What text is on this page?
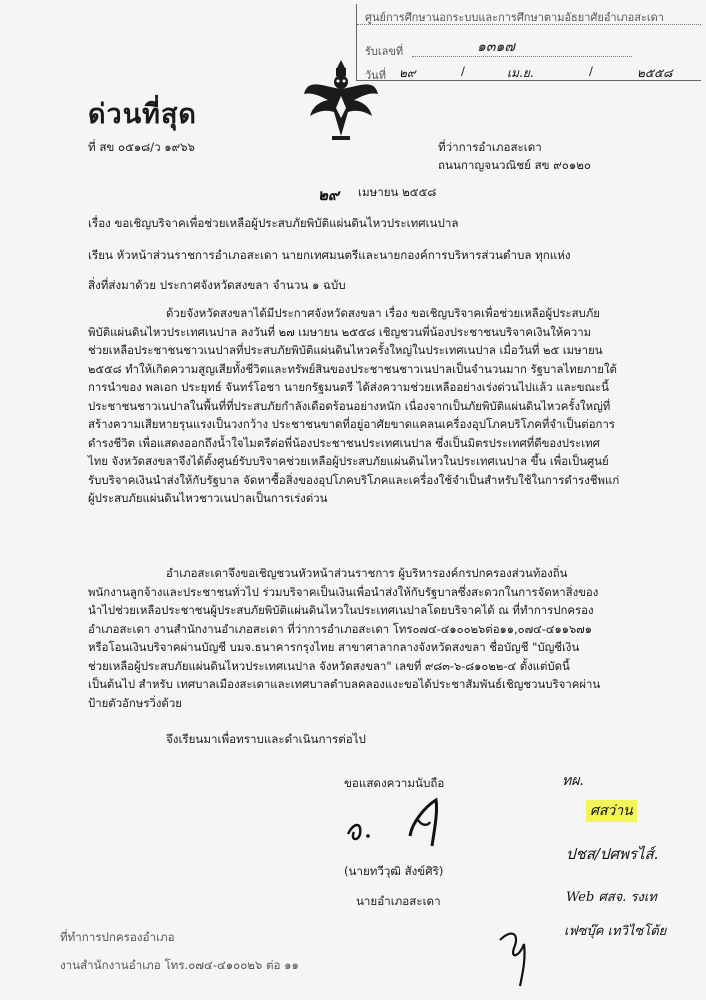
ศูนย์การศึกษานอกระบบและการศึกษาตามอัธยาศัยอำเภอสะเดา
รับเลขที่	๑๓๑๗
วันที่ ๒๙	/	เม.ย.	/	๒๕๕๘
ด่วนที่สุด
ที่ สข ๐๕๑๘/ว ๑๙๖๖	ที่ว่าการอำเภอสะเดา
ถนนกาญจนวณิชย์ สข ๙๐๑๒๐
๒๙ เมษายน ๒๕๕๘
เรื่อง ขอเชิญบริจาคเพื่อช่วยเหลือผู้ประสบภัยพิบัติแผ่นดินไหวประเทศเนปาล
เรียน หัวหน้าส่วนราชการอำเภอสะเดา นายกเทศมนตรีและนายกองค์การบริหารส่วนตำบล ทุกแห่ง
สิ่งที่ส่งมาด้วย ประกาศจังหวัดสงขลา จำนวน ๑ ฉบับ
ด้วยจังหวัดสงขลาได้มีประกาศจังหวัดสงขลา เรื่อง ขอเชิญบริจาคเพื่อช่วยเหลือผู้ประสบภัย
พิบัติแผ่นดินไหวประเทศเนปาล ลงวันที่ ๒๗ เมษายน ๒๕๕๘ เชิญชวนพี่น้องประชาชนบริจาคเงินให้ความ
ช่วยเหลือประชาชนชาวเนปาลที่ประสบภัยพิบัติแผ่นดินไหวครั้งใหญ่ในประเทศเนปาล เมื่อวันที่ ๒๕ เมษายน
๒๕๕๘ ทำให้เกิดความสูญเสียทั้งชีวิตและทรัพย์สินของประชาชนชาวเนปาลเป็นจำนวนมาก รัฐบาลไทยภายใต้
การนำของ พลเอก ประยุทธ์ จันทร์โอชา นายกรัฐมนตรี ได้ส่งความช่วยเหลืออย่างเร่งด่วนไปแล้ว และขณะนี้
ประชาชนชาวเนปาลในพื้นที่ที่ประสบภัยกำลังเดือดร้อนอย่างหนัก เนื่องจากเป็นภัยพิบัติแผ่นดินไหวครั้งใหญ่ที่
สร้างความเสียหายรุนแรงเป็นวงกว้าง ประชาชนขาดที่อยู่อาศัยขาดแคลนเครื่องอุปโภคบริโภคที่จำเป็นต่อการ
ดำรงชีวิต เพื่อแสดงออกถึงน้ำใจไมตรีต่อพี่น้องประชาชนประเทศเนปาล ซึ่งเป็นมิตรประเทศที่ดีของประเทศ
ไทย จังหวัดสงขลาจึงได้ตั้งศูนย์รับบริจาคช่วยเหลือผู้ประสบภัยแผ่นดินไหวในประเทศเนปาล ขึ้น เพื่อเป็นศูนย์
รับบริจาคเงินนำส่งให้กับรัฐบาล จัดหาซื้อสิ่งของอุปโภคบริโภคและเครื่องใช้จำเป็นสำหรับใช้ในการดำรงชีพแก่
ผู้ประสบภัยแผ่นดินไหวชาวเนปาลเป็นการเร่งด่วน
อำเภอสะเดาจึงขอเชิญชวนหัวหน้าส่วนราชการ ผู้บริหารองค์กรปกครองส่วนท้องถิ่น
พนักงานลูกจ้างและประชาชนทั่วไป ร่วมบริจาคเป็นเงินเพื่อนำส่งให้กับรัฐบาลซึ่งสะดวกในการจัดหาสิ่งของ
นำไปช่วยเหลือประชาชนผู้ประสบภัยพิบัติแผ่นดินไหวในประเทศเนปาลโดยบริจาคได้ ณ ที่ทำการปกครอง
อำเภอสะเดา งานสำนักงานอำเภอสะเดา ที่ว่าการอำเภอสะเดา โทร๐๗๔-๔๑๐๐๒๖ต่อ๑๑,๐๗๔-๔๑๑๖๗๑
หรือโอนเงินบริจาคผ่านบัญชี บมจ.ธนาคารกรุงไทย สาขาศาลากลางจังหวัดสงขลา ชื่อบัญชี "บัญชีเงิน
ช่วยเหลือผู้ประสบภัยแผ่นดินไหวประเทศเนปาล จังหวัดสงขลา" เลขที่ ๙๘๓-๖-๘๑๐๒๒-๔ ตั้งแต่บัดนี้
เป็นต้นไป สำหรับ เทศบาลเมืองสะเดาและเทศบาลตำบลคลองแงะขอได้ประชาสัมพันธ์เชิญชวนบริจาคผ่าน
ป้ายตัวอักษรวิ่งด้วย
จึงเรียนมาเพื่อทราบและดำเนินการต่อไป
ขอแสดงความนับถือ
(นายทวีวุฒิ สังข์ศิริ)
นายอำเภอสะเดา
ที่ทำการปกครองอำเภอ
งานสำนักงานอำเภอ โทร.๐๗๔-๔๑๐๐๒๖ ต่อ ๑๑
ทผ.
ศสว่าน
ปชส/ปศพรไส์.
Web ศสจ. รงเท
เฟซบุ๊ค เทวิไซโต้ย
